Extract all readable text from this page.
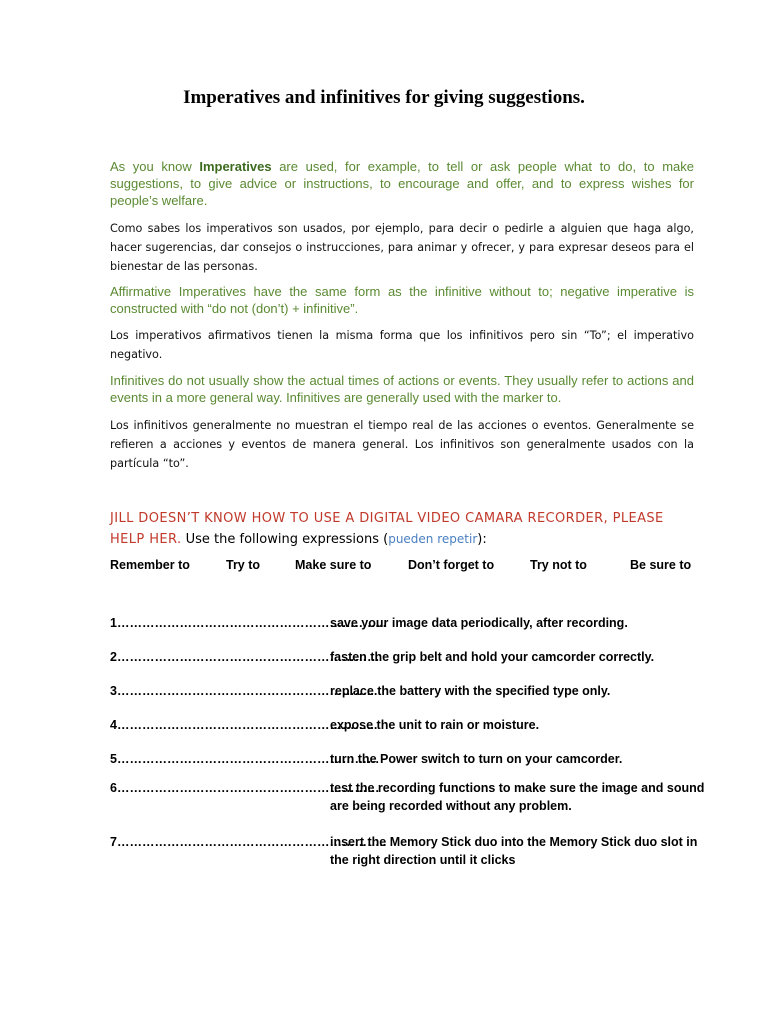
Imperatives and infinitives for giving suggestions.
As you know Imperatives are used, for example, to tell or ask people what to do, to make suggestions, to give advice or instructions, to encourage and offer, and to express wishes for people’s welfare.
Como sabes los imperativos son usados, por ejemplo, para decir o pedirle a alguien que haga algo, hacer sugerencias, dar consejos o instrucciones, para animar y ofrecer, y para expresar deseos para el bienestar de las personas.
Affirmative Imperatives have the same form as the infinitive without to; negative imperative is constructed with “do not (don’t) + infinitive”.
Los imperativos afirmativos tienen la misma forma que los infinitivos pero sin “To”; el imperativo negativo.
Infinitives do not usually show the actual times of actions or events. They usually refer to actions and events in a more general way. Infinitives are generally used with the marker to.
Los infinitivos generalmente no muestran el tiempo real de las acciones o eventos. Generalmente se refieren a acciones y eventos de manera general. Los infinitivos son generalmente usados con la partícula “to”.
JILL DOESN’T KNOW HOW TO USE A DIGITAL VIDEO CAMARA RECORDER, PLEASE HELP HER. Use the following expressions (pueden repetir):
Remember to	Try to	Make sure to	Don’t forget to	Try not to	Be sure to
1………………………………………………………..
save your image data periodically, after recording.
2………………………………………………………
fasten the grip belt and hold your camcorder correctly.
3……………………………………………………...
replace the battery with the specified type only.
4……………………………………………………...
expose the unit to rain or moisture.
5………………………………………………………
turn the Power switch to turn on your camcorder.
6………………………………………………………
test the recording functions to make sure the image and sound are being recorded without any problem.
7………………………………………………………..
insert the Memory Stick duo into the Memory Stick duo slot in the right direction until it clicks
